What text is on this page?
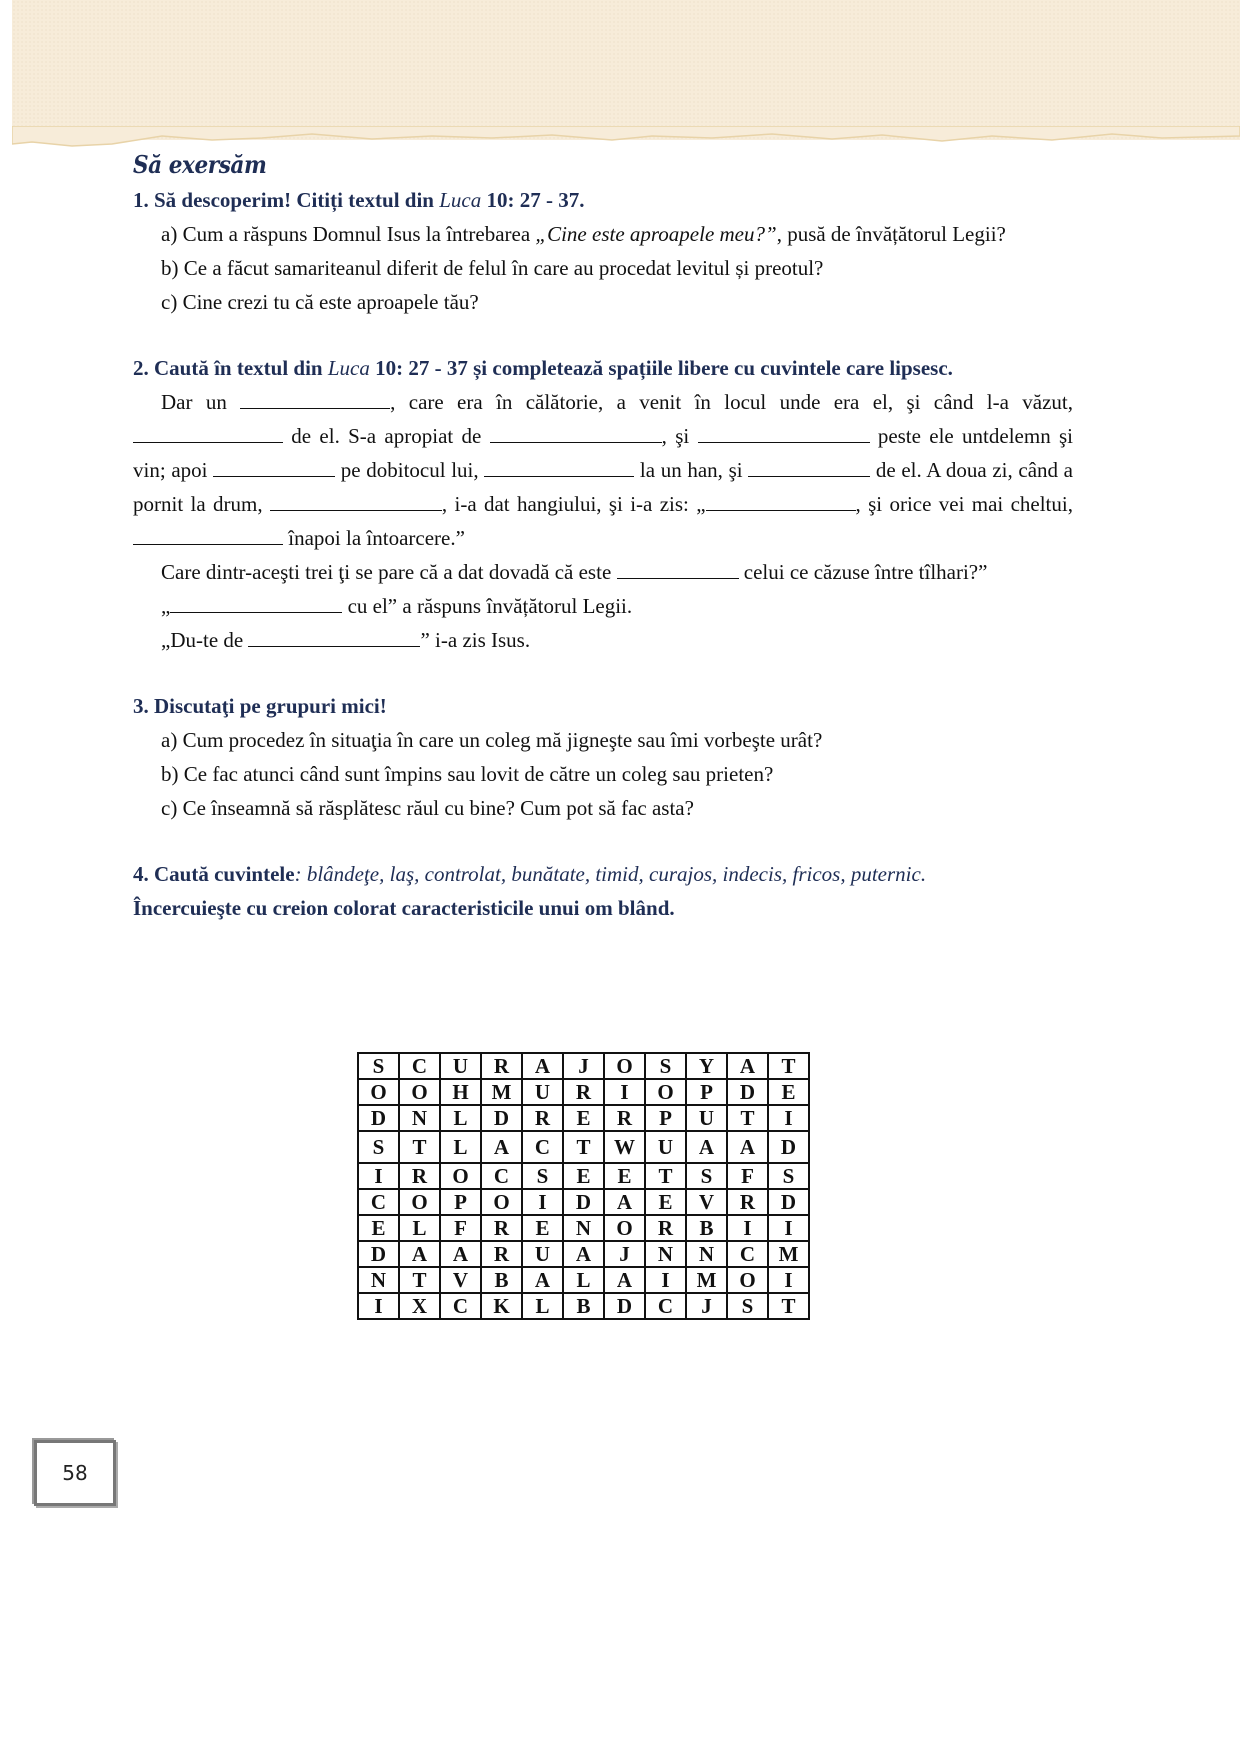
Să exersăm
1. Să descoperim! Citiți textul din Luca 10: 27 - 37.
a) Cum a răspuns Domnul Isus la întrebarea „Cine este aproapele meu?”, pusă de învățătorul Legii?
b) Ce a făcut samariteanul diferit de felul în care au procedat levitul și preotul?
c) Cine crezi tu că este aproapele tău?
2. Caută în textul din Luca 10: 27 - 37 și completează spațiile libere cu cuvintele care lipsesc.
Dar un	, care era în călătorie, a venit în locul unde era el, şi când l-a văzut, de el. S-a apropiat de	, şi	peste ele untdelemn şi vin; apoi	pe dobitocul lui,	la un han, şi	de el. A doua zi, când a pornit la drum,	, i-a dat hangiului, şi i-a zis: „	, şi orice vei mai cheltui,  înapoi la întoarcere.”
Care dintr-aceşti trei ţi se pare că a dat dovadă că este	celui ce căzuse între tîlhari?”
„	cu el” a răspuns învățătorul Legii.
„Du-te de	” i-a zis Isus.
3. Discutaţi pe grupuri mici!
a) Cum procedez în situaţia în care un coleg mă jigneşte sau îmi vorbeşte urât?
b) Ce fac atunci când sunt împins sau lovit de către un coleg sau prieten?
c) Ce înseamnă să răsplătesc răul cu bine? Cum pot să fac asta?
4. Caută cuvintele: blândeţe, laş, controlat, bunătate, timid, curajos, indecis, fricos, puternic.
Încercuieşte cu creion colorat caracteristicile unui om blând.
S	C	U	R	A	J	O	S	Y	A	T
O	O	H	M	U	R	I	O	P	D	E
D	N	L	D	R	E	R	P	U	T	I
S	T	L	A	C	T	W	U	A	A	D
I	R	O	C	S	E	E	T	S	F	S
C	O	P	O	I	D	A	E	V	R	D
E	L	F	R	E	N	O	R	B	I	I
D	A	A	R	U	A	J	N	N	C	M
N	T	V	B	A	L	A	I	M	O	I
I	X	C	K	L	B	D	C	J	S	T
58
